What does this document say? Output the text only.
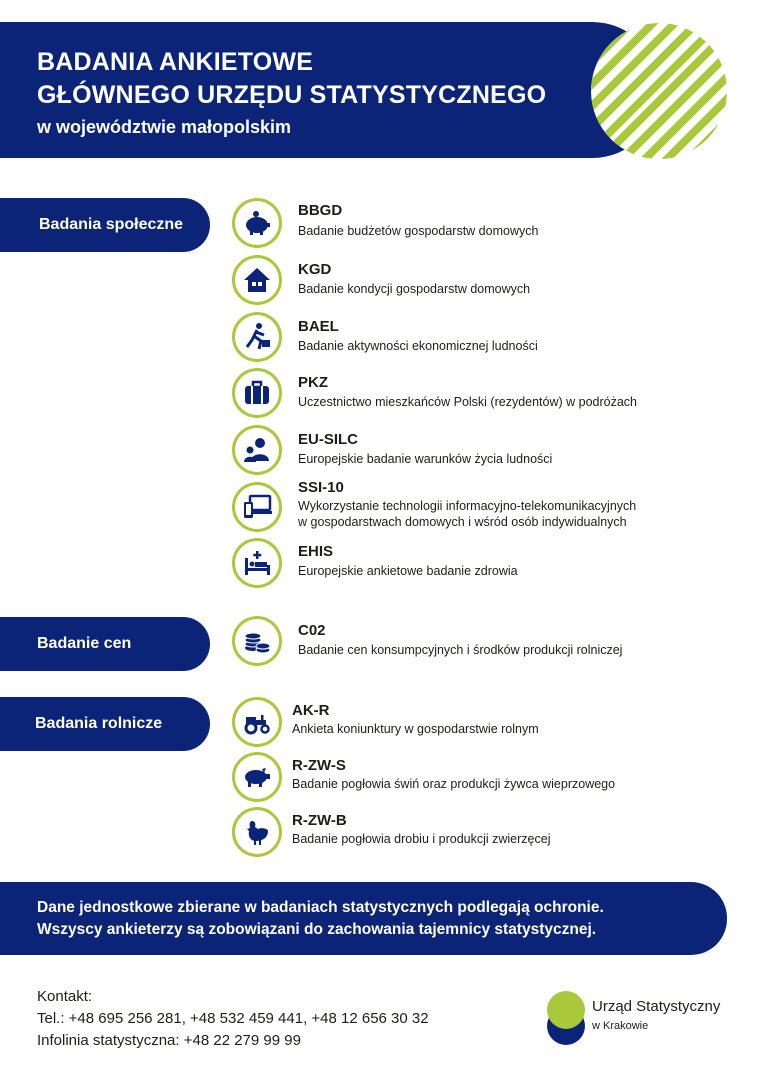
BADANIA ANKIETOWE
GŁÓWNEGO URZĘDU STATYSTYCZNEGO
w województwie małopolskim
Badania społeczne
Badanie cen
Badania rolnicze
BBGD
Badanie budżetów gospodarstw domowych
KGD
Badanie kondycji gospodarstw domowych
BAEL
Badanie aktywności ekonomicznej ludności
PKZ
Uczestnictwo mieszkańców Polski (rezydentów) w podróżach
EU-SILC
Europejskie badanie warunków życia ludności
SSI-10
Wykorzystanie technologii informacyjno-telekomunikacyjnych
w gospodarstwach domowych i wśród osób indywidualnych
EHIS
Europejskie ankietowe badanie zdrowia
C02
Badanie cen konsumpcyjnych i środków produkcji rolniczej
AK-R
Ankieta koniunktury w gospodarstwie rolnym
R-ZW-S
Badanie pogłowia świń oraz produkcji żywca wieprzowego
R-ZW-B
Badanie pogłowia drobiu i produkcji zwierzęcej
Dane jednostkowe zbierane w badaniach statystycznych podlegają ochronie.
Wszyscy ankieterzy są zobowiązani do zachowania tajemnicy statystycznej.
Kontakt:
Tel.: +48 695 256 281, +48 532 459 441, +48 12 656 30 32
Infolinia statystyczna: +48 22 279 99 99
Urząd Statystyczny
w Krakowie
